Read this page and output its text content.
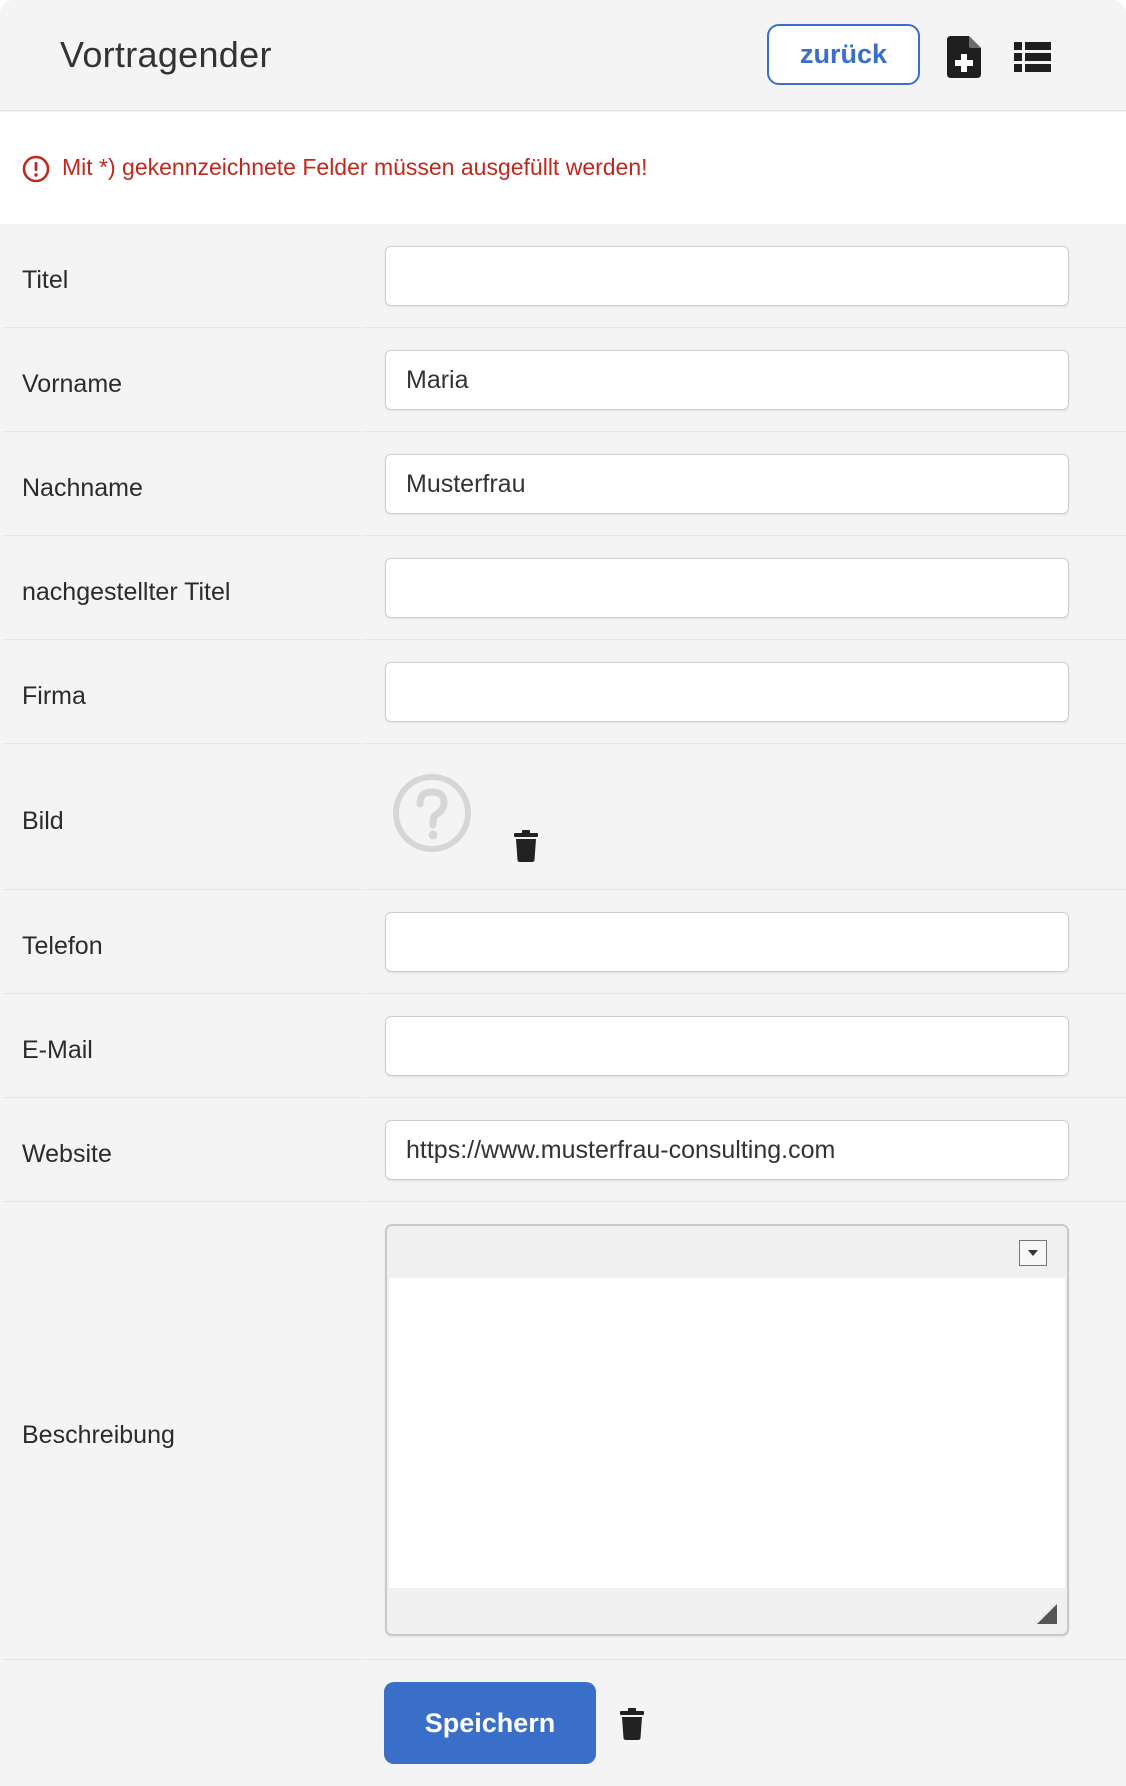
Vortragender	zurück
Mit *) gekennzeichnete Felder müssen ausgefüllt werden!
Titel
Vorname
Maria
Nachname
Musterfrau
nachgestellter Titel
Firma
Bild
Telefon
E-Mail
Website
https://www.musterfrau-consulting.com
Beschreibung
Speichern
